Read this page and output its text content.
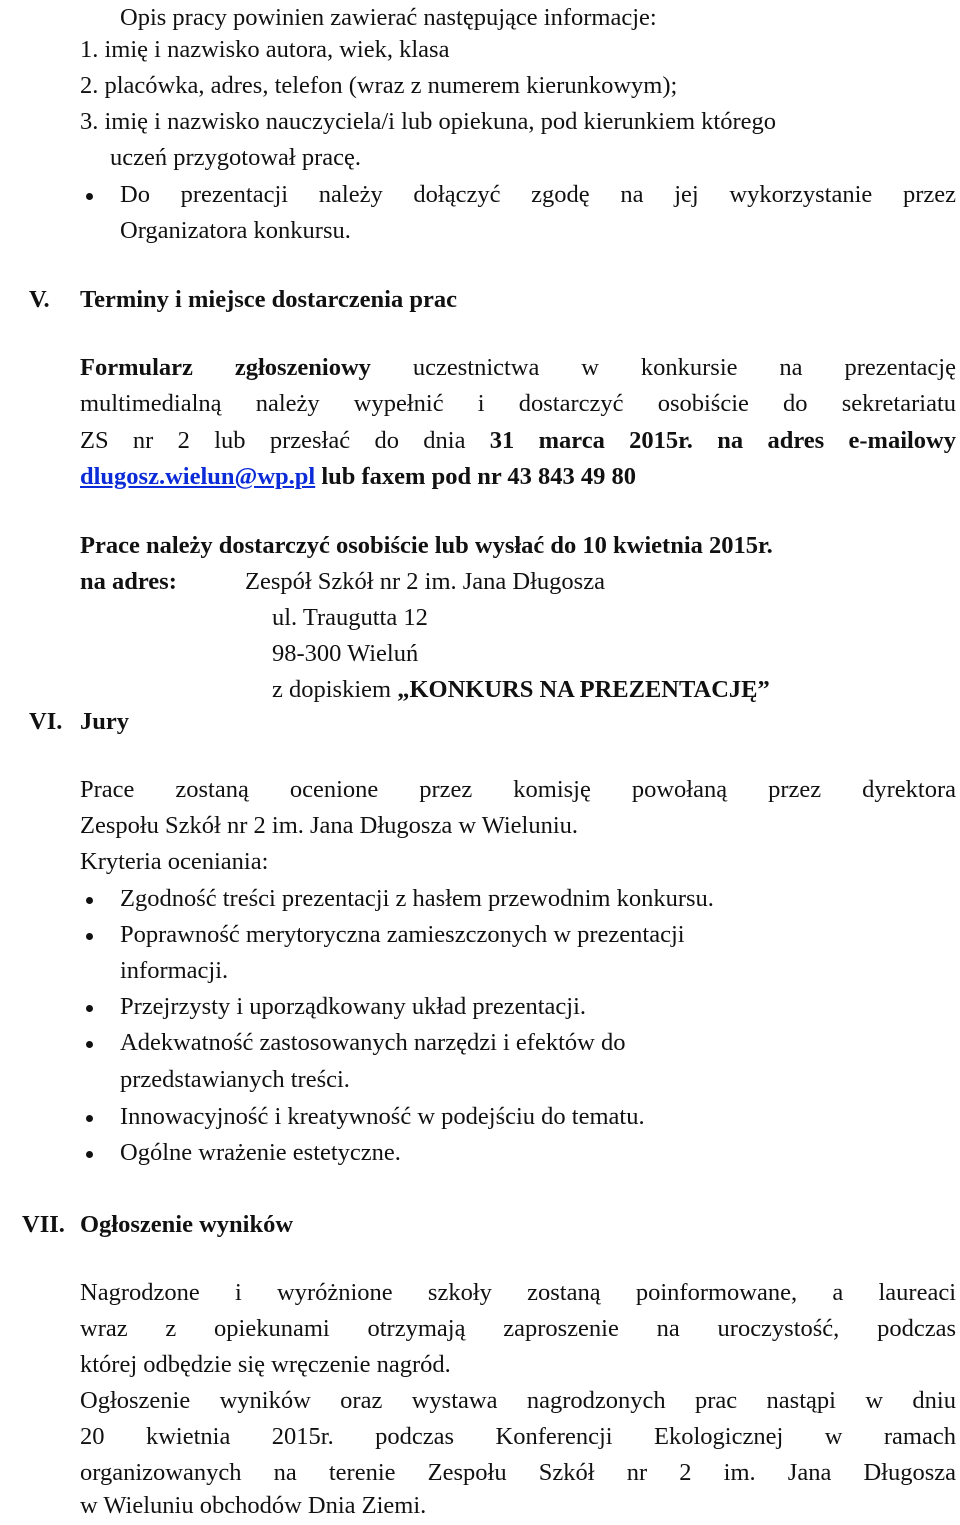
Opis pracy powinien zawierać następujące informacje:
1. imię i nazwisko autora, wiek, klasa
2. placówka, adres, telefon (wraz z numerem kierunkowym);
3. imię i nazwisko nauczyciela/i lub opiekuna, pod kierunkiem którego
uczeń przygotował pracę.
Do prezentacji należy dołączyć zgodę na jej wykorzystanie przez
Organizatora konkursu.
V. Terminy i miejsce dostarczenia prac
Formularz zgłoszeniowy uczestnictwa w konkursie na prezentację
multimedialną należy wypełnić i dostarczyć osobiście do sekretariatu
ZS nr 2 lub przesłać do dnia 31 marca 2015r. na adres e-mailowy
dlugosz.wielun@wp.pl lub faxem pod nr 43 843 49 80
Prace należy dostarczyć osobiście lub wysłać do 10 kwietnia 2015r.
na adres:	Zespół Szkół nr 2 im. Jana Długosza
ul. Traugutta 12
98-300 Wieluń
z dopiskiem „KONKURS NA PREZENTACJĘ”
VI. Jury
Prace zostaną ocenione przez komisję powołaną przez dyrektora
Zespołu Szkół nr 2 im. Jana Długosza w Wieluniu.
Kryteria oceniania:
Zgodność treści prezentacji z hasłem przewodnim konkursu.
Poprawność merytoryczna zamieszczonych w prezentacji
informacji.
Przejrzysty i uporządkowany układ prezentacji.
Adekwatność zastosowanych narzędzi i efektów do
przedstawianych treści.
Innowacyjność i kreatywność w podejściu do tematu.
Ogólne wrażenie estetyczne.
VII. Ogłoszenie wyników
Nagrodzone i wyróżnione szkoły zostaną poinformowane, a laureaci
wraz z opiekunami otrzymają zaproszenie na uroczystość, podczas
której odbędzie się wręczenie nagród.
Ogłoszenie wyników oraz wystawa nagrodzonych prac nastąpi w dniu
20 kwietnia 2015r. podczas Konferencji Ekologicznej w ramach
organizowanych na terenie Zespołu Szkół nr 2 im. Jana Długosza
w Wieluniu obchodów Dnia Ziemi.
